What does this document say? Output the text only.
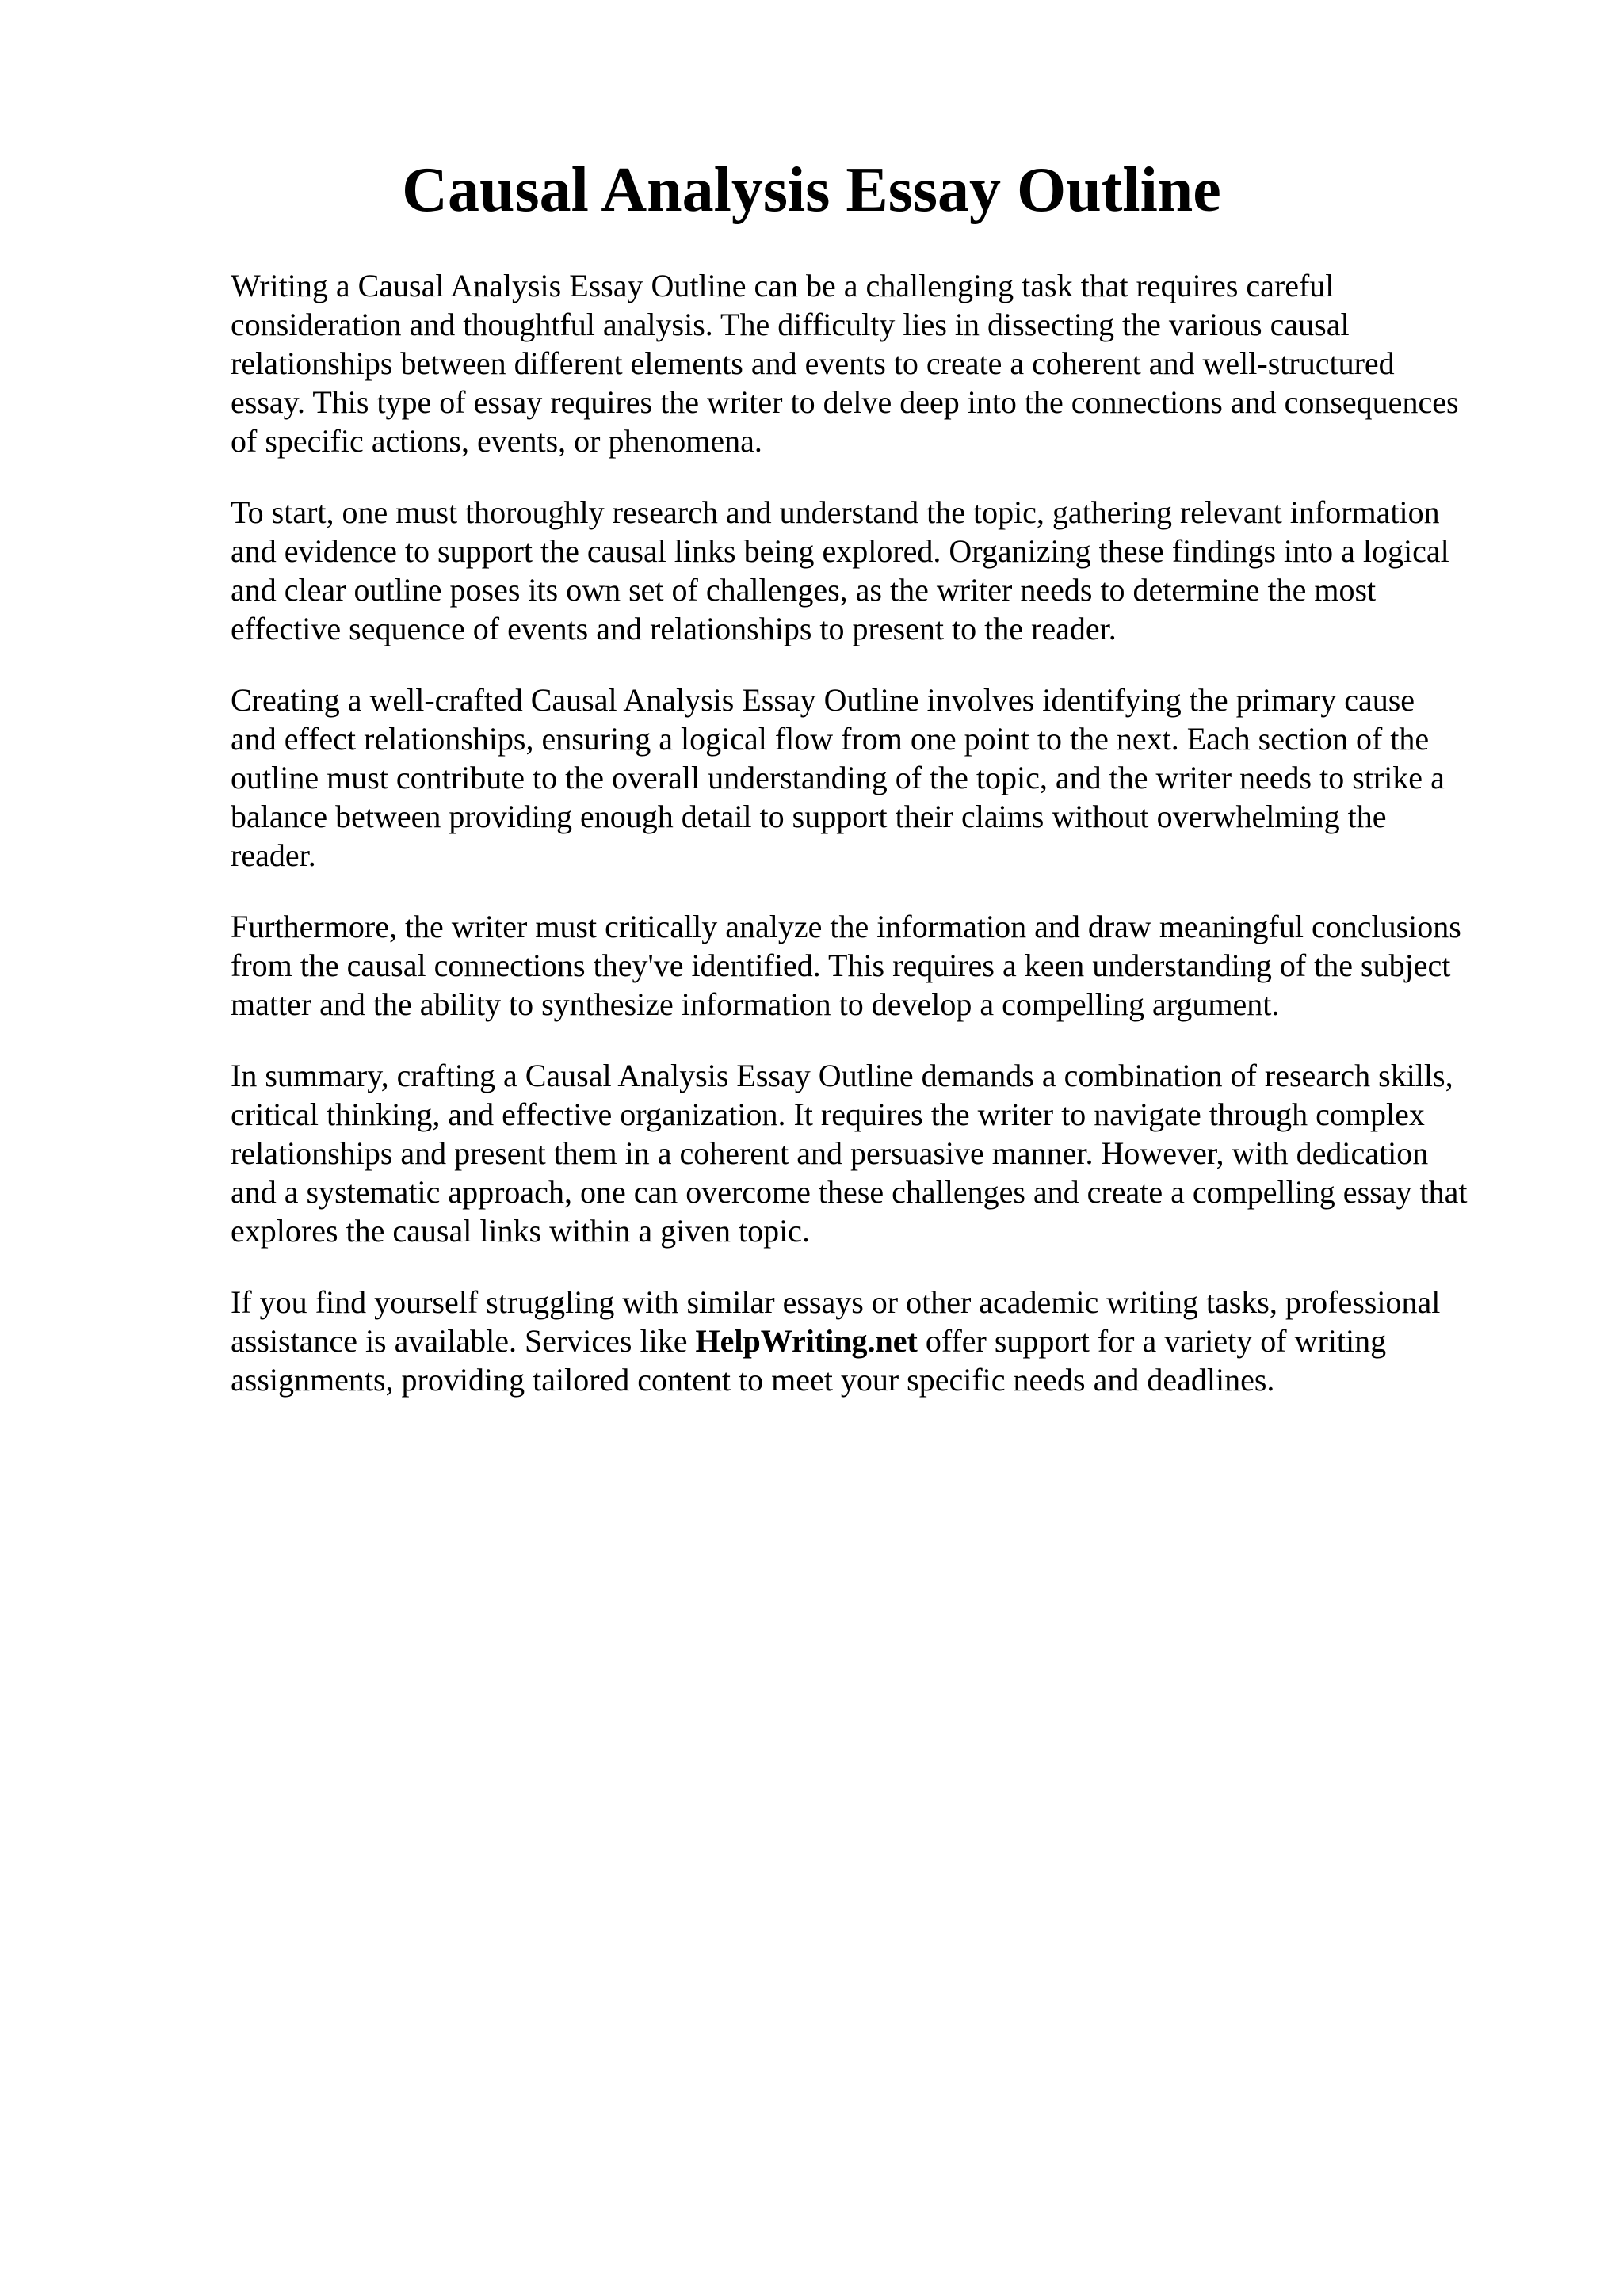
Causal Analysis Essay Outline

Writing a Causal Analysis Essay Outline can be a challenging task that requires careful
consideration and thoughtful analysis. The difficulty lies in dissecting the various causal
relationships between different elements and events to create a coherent and well-structured
essay. This type of essay requires the writer to delve deep into the connections and consequences
of specific actions, events, or phenomena.

To start, one must thoroughly research and understand the topic, gathering relevant information
and evidence to support the causal links being explored. Organizing these findings into a logical
and clear outline poses its own set of challenges, as the writer needs to determine the most
effective sequence of events and relationships to present to the reader.

Creating a well-crafted Causal Analysis Essay Outline involves identifying the primary cause
and effect relationships, ensuring a logical flow from one point to the next. Each section of the
outline must contribute to the overall understanding of the topic, and the writer needs to strike a
balance between providing enough detail to support their claims without overwhelming the
reader.

Furthermore, the writer must critically analyze the information and draw meaningful conclusions
from the causal connections they've identified. This requires a keen understanding of the subject
matter and the ability to synthesize information to develop a compelling argument.

In summary, crafting a Causal Analysis Essay Outline demands a combination of research skills,
critical thinking, and effective organization. It requires the writer to navigate through complex
relationships and present them in a coherent and persuasive manner. However, with dedication
and a systematic approach, one can overcome these challenges and create a compelling essay that
explores the causal links within a given topic.

If you find yourself struggling with similar essays or other academic writing tasks, professional
assistance is available. Services like HelpWriting.net offer support for a variety of writing
assignments, providing tailored content to meet your specific needs and deadlines.
